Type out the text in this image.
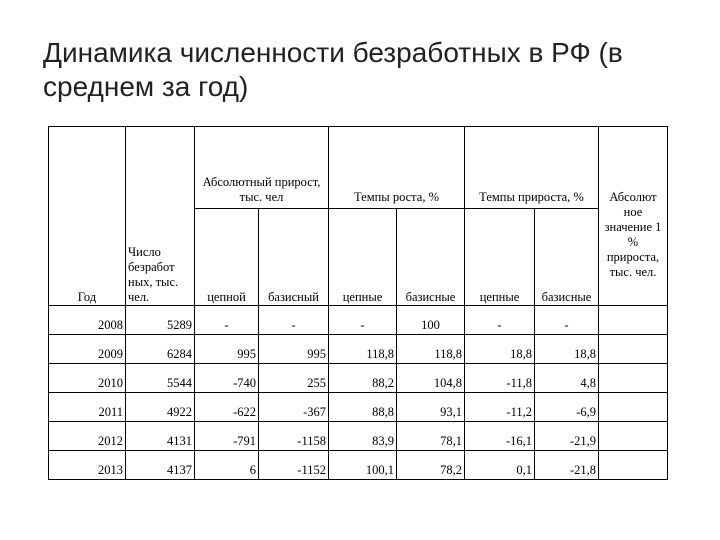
Динамика численности безработных в РФ (в среднем за год)
Год	Число безработ ных, тыс. чел.	Абсолютный прирост, тыс. чел		Темпы роста, %		Темпы прироста, %		Абсолют ное значение 1 % прироста, тыс. чел.
		цепной	базисный	цепные	базисные	цепные	базисные	
2008	5289	-	-	-	100	-	-	
2009	6284	995	995	118,8	118,8	18,8	18,8	
2010	5544	-740	255	88,2	104,8	-11,8	4,8	
2011	4922	-622	-367	88,8	93,1	-11,2	-6,9	
2012	4131	-791	-1158	83,9	78,1	-16,1	-21,9	
2013	4137	6	-1152	100,1	78,2	0,1	-21,8	
